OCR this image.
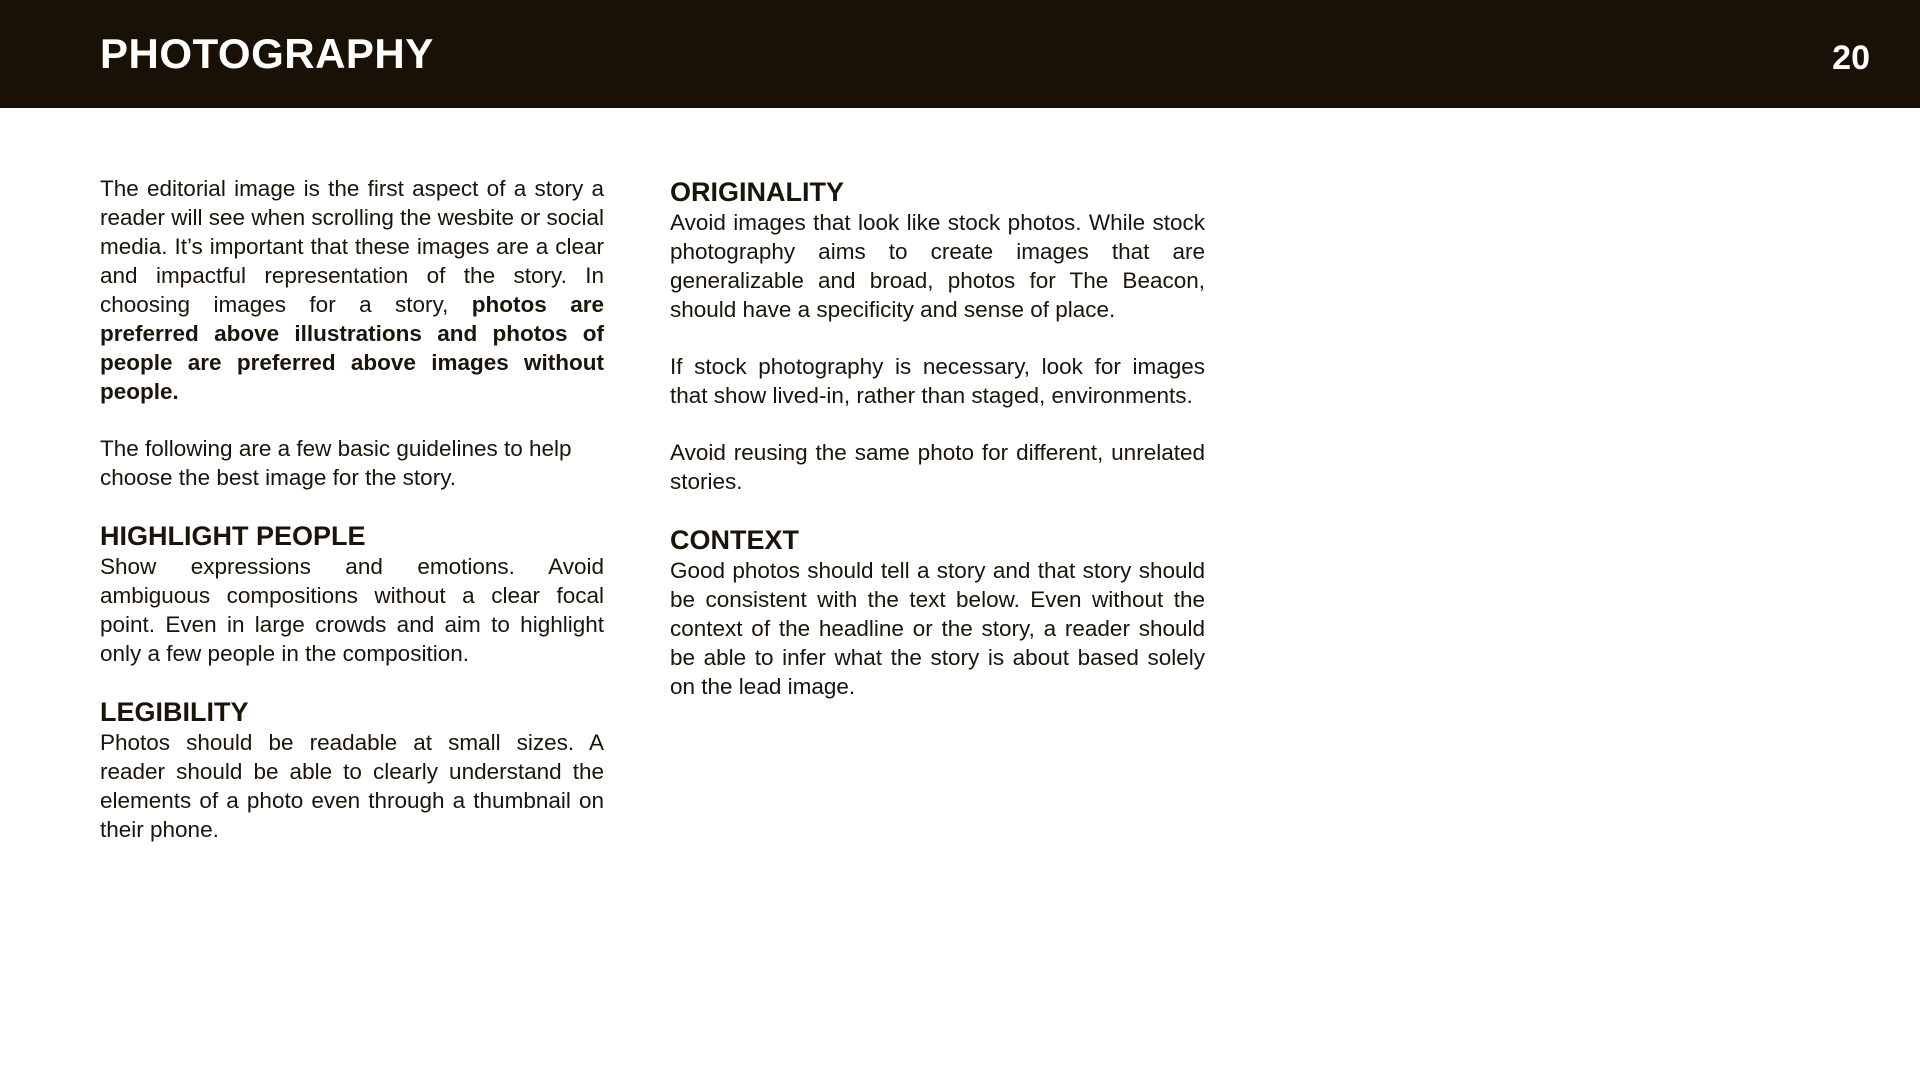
PHOTOGRAPHY	20

The editorial image is the first aspect of a story a reader will see when scrolling the wesbite or social media. It’s important that these images are a clear and impactful representation of the story. In choosing images for a story, photos are preferred above illustrations and photos of people are preferred above images without people.

The following are a few basic guidelines to help choose the best image for the story.

HIGHLIGHT PEOPLE

Show expressions and emotions. Avoid ambiguous compositions without a clear focal point. Even in large crowds and aim to highlight only a few people in the composition.

LEGIBILITY

Photos should be readable at small sizes. A reader should be able to clearly understand the elements of a photo even through a thumbnail on their phone.

ORIGINALITY

Avoid images that look like stock photos. While stock photography aims to create images that are generalizable and broad, photos for The Beacon, should have a specificity and sense of place.

If stock photography is necessary, look for images that show lived-in, rather than staged, environments.

Avoid reusing the same photo for different, unrelated stories.

CONTEXT

Good photos should tell a story and that story should be consistent with the text below. Even without the context of the headline or the story, a reader should be able to infer what the story is about based solely on the lead image.
